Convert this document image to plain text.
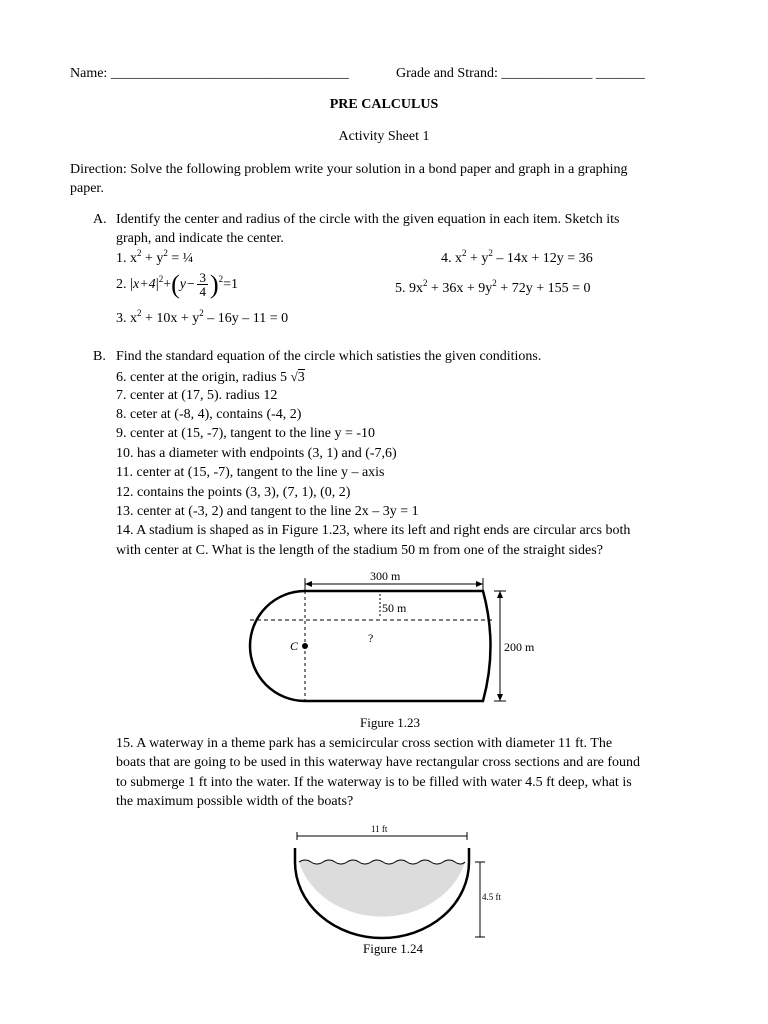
Name: __________________________________	Grade and Strand: _____________ _______
PRE CALCULUS
Activity Sheet 1
Direction: Solve the following problem write your solution in a bond paper and graph in a graphing
paper.
A. Identify the center and radius of the circle with the given equation in each item. Sketch its
graph, and indicate the center.
1. $x^2 + y^2$ = ¼	4. $x^2 + y^2 - 14x + 12y = 36$
2. $|x+4|^2+(y- \frac{3}{4} )^2=1$	5. $9x^2 + 36x + 9y^2 + 72y + 155 = 0$
3. $x^2 + 10x + y^2 - 16y - 11 = 0$
B. Find the standard equation of the circle which satisties the given conditions.
6. center at the origin, radius 5 √3
7. center at (17, 5). radius 12
8. ceter at (-8, 4), contains (-4, 2)
9. center at (15, -7), tangent to the line y = -10
10. has a diameter with endpoints (3, 1) and (-7,6)
11. center at (15, -7), tangent to the line y – axis
12. contains the points (3, 3), (7, 1), (0, 2)
13. center at (-3, 2) and tangent to the line 2x – 3y = 1
14. A stadium is shaped as in Figure 1.23, where its left and right ends are circular arcs both
with center at C. What is the length of the stadium 50 m from one of the straight sides?
300 m
50 m
C
?
200 m
Figure 1.23
15. A waterway in a theme park has a semicircular cross section with diameter 11 ft. The
boats that are going to be used in this waterway have rectangular cross sections and are found
to submerge 1 ft into the water. If the waterway is to be filled with water 4.5 ft deep, what is
the maximum possible width of the boats?
11 ft
4.5 ft
Figure 1.24
